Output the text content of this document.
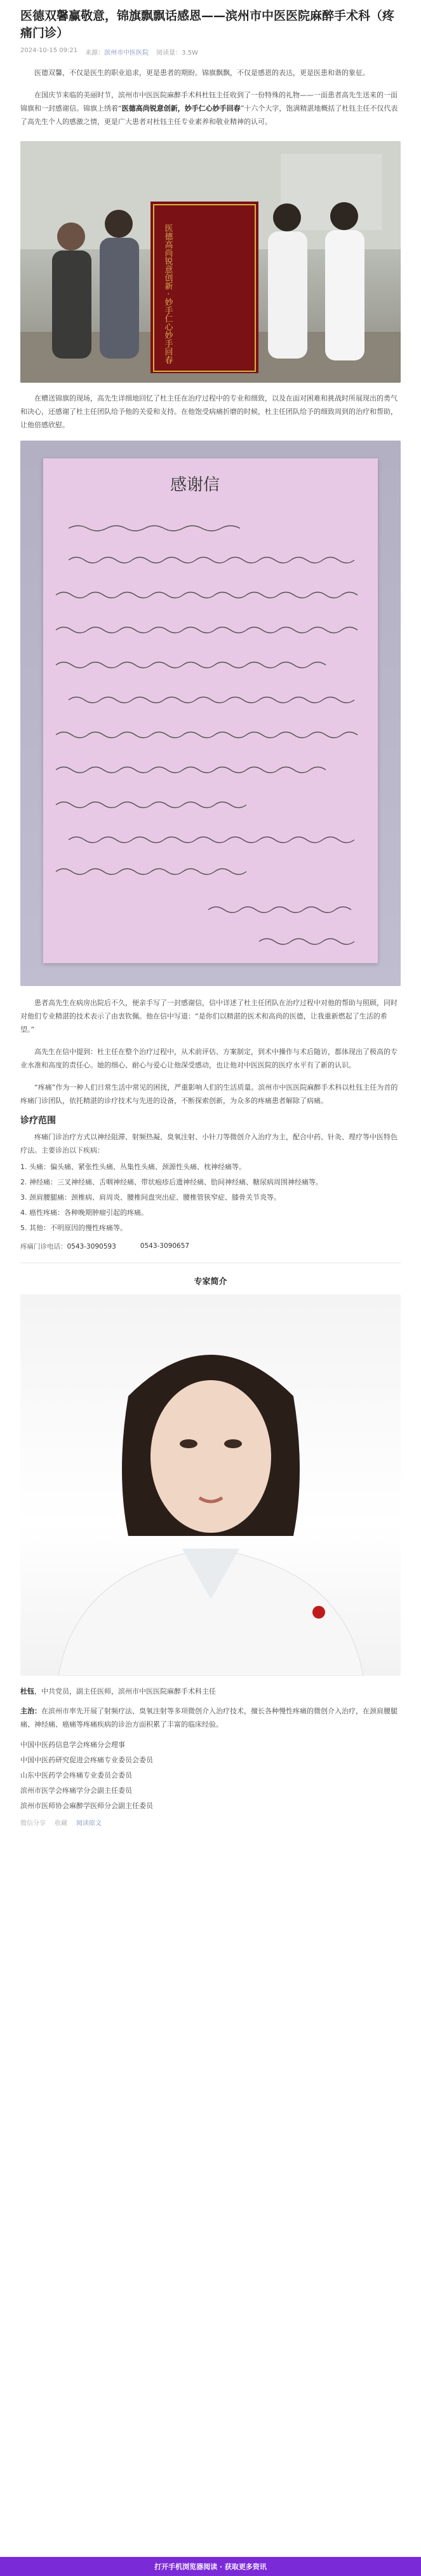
医德双馨赢敬意，锦旗飘飘话感恩——滨州市中医医院麻醉手术科（疼痛门诊）
2024-10-15 09:21 来源：滨州市中医医院 阅读量：3.5W

医德双馨，不仅是医生的职业追求，更是患者的期盼。锦旗飘飘，不仅是感恩的表达，更是医患和谐的象征。

在国庆节来临的美丽时节，滨州市中医医院麻醉手术科杜钰主任收到了一份特殊的礼物——一面患者高先生送来的一面锦旗和一封感谢信。锦旗上绣着“医德高尚锐意创新，妙手仁心妙手回春”十六个大字，饱满精湛地概括了杜钰主任不仅代表了高先生个人的感激之情，更是广大患者对杜钰主任专业素养和敬业精神的认可。

医德高尚锐意创新 · 妙手仁心妙手回春

在赠送锦旗的现场，高先生详细地回忆了杜主任在治疗过程中的专业和细致，以及在面对困难和挑战时所展现出的勇气和决心，还感谢了杜主任团队给予他的关爱和支持。在他饱受病痛折磨的时候，杜主任团队给予的细致周到的治疗和帮助，让他倍感欣慰。

感谢信

患者高先生在病房出院后不久，便亲手写了一封感谢信，信中详述了杜主任团队在治疗过程中对他的帮助与照顾，同时对他们专业精湛的技术表示了由衷钦佩。他在信中写道：“是你们以精湛的医术和高尚的医德，让我重新燃起了生活的希望。”

高先生在信中提到：杜主任在整个治疗过程中，从术前评估、方案制定，到术中操作与术后随访，都体现出了极高的专业水准和高度的责任心。她的细心、耐心与爱心让他深受感动，也让他对中医医院的医疗水平有了新的认识。

“疼痛”作为一种人们日常生活中常见的困扰，严重影响人们的生活质量。滨州市中医医院麻醉手术科以杜钰主任为首的疼痛门诊团队，依托精湛的诊疗技术与先进的设备，不断探索创新，为众多的疼痛患者解除了病痛。

诊疗范围

疼痛门诊治疗方式以神经阻滞、射频热凝、臭氧注射、小针刀等微创介入治疗为主，配合中药、针灸、理疗等中医特色疗法。主要诊治以下疾病：

1. 头痛：偏头痛、紧张性头痛、丛集性头痛、颈源性头痛、枕神经痛等。

2. 神经痛：三叉神经痛、舌咽神经痛、带状疱疹后遗神经痛、肋间神经痛、糖尿病周围神经痛等。

3. 颈肩腰腿痛：颈椎病、肩周炎、腰椎间盘突出症、腰椎管狭窄症、膝骨关节炎等。

4. 癌性疼痛：各种晚期肿瘤引起的疼痛。

5. 其他：不明原因的慢性疼痛等。

疼痛门诊电话：0543-3090593	0543-3090657
专家简介

杜钰，中共党员，副主任医师，滨州市中医医院麻醉手术科主任

主治：在滨州市率先开展了射频疗法、臭氧注射等多项微创介入治疗技术，擅长各种慢性疼痛的微创介入治疗，在颈肩腰腿痛、神经痛、癌痛等疼痛疾病的诊治方面积累了丰富的临床经验。

中国中医药信息学会疼痛分会理事

中国中医药研究促进会疼痛专业委员会委员

山东中医药学会疼痛专业委员会委员

滨州市医学会疼痛学分会副主任委员

滨州市医师协会麻醉学医师分会副主任委员

微信分享 收藏 阅读原文
打开手机浏览器阅读 · 获取更多资讯
